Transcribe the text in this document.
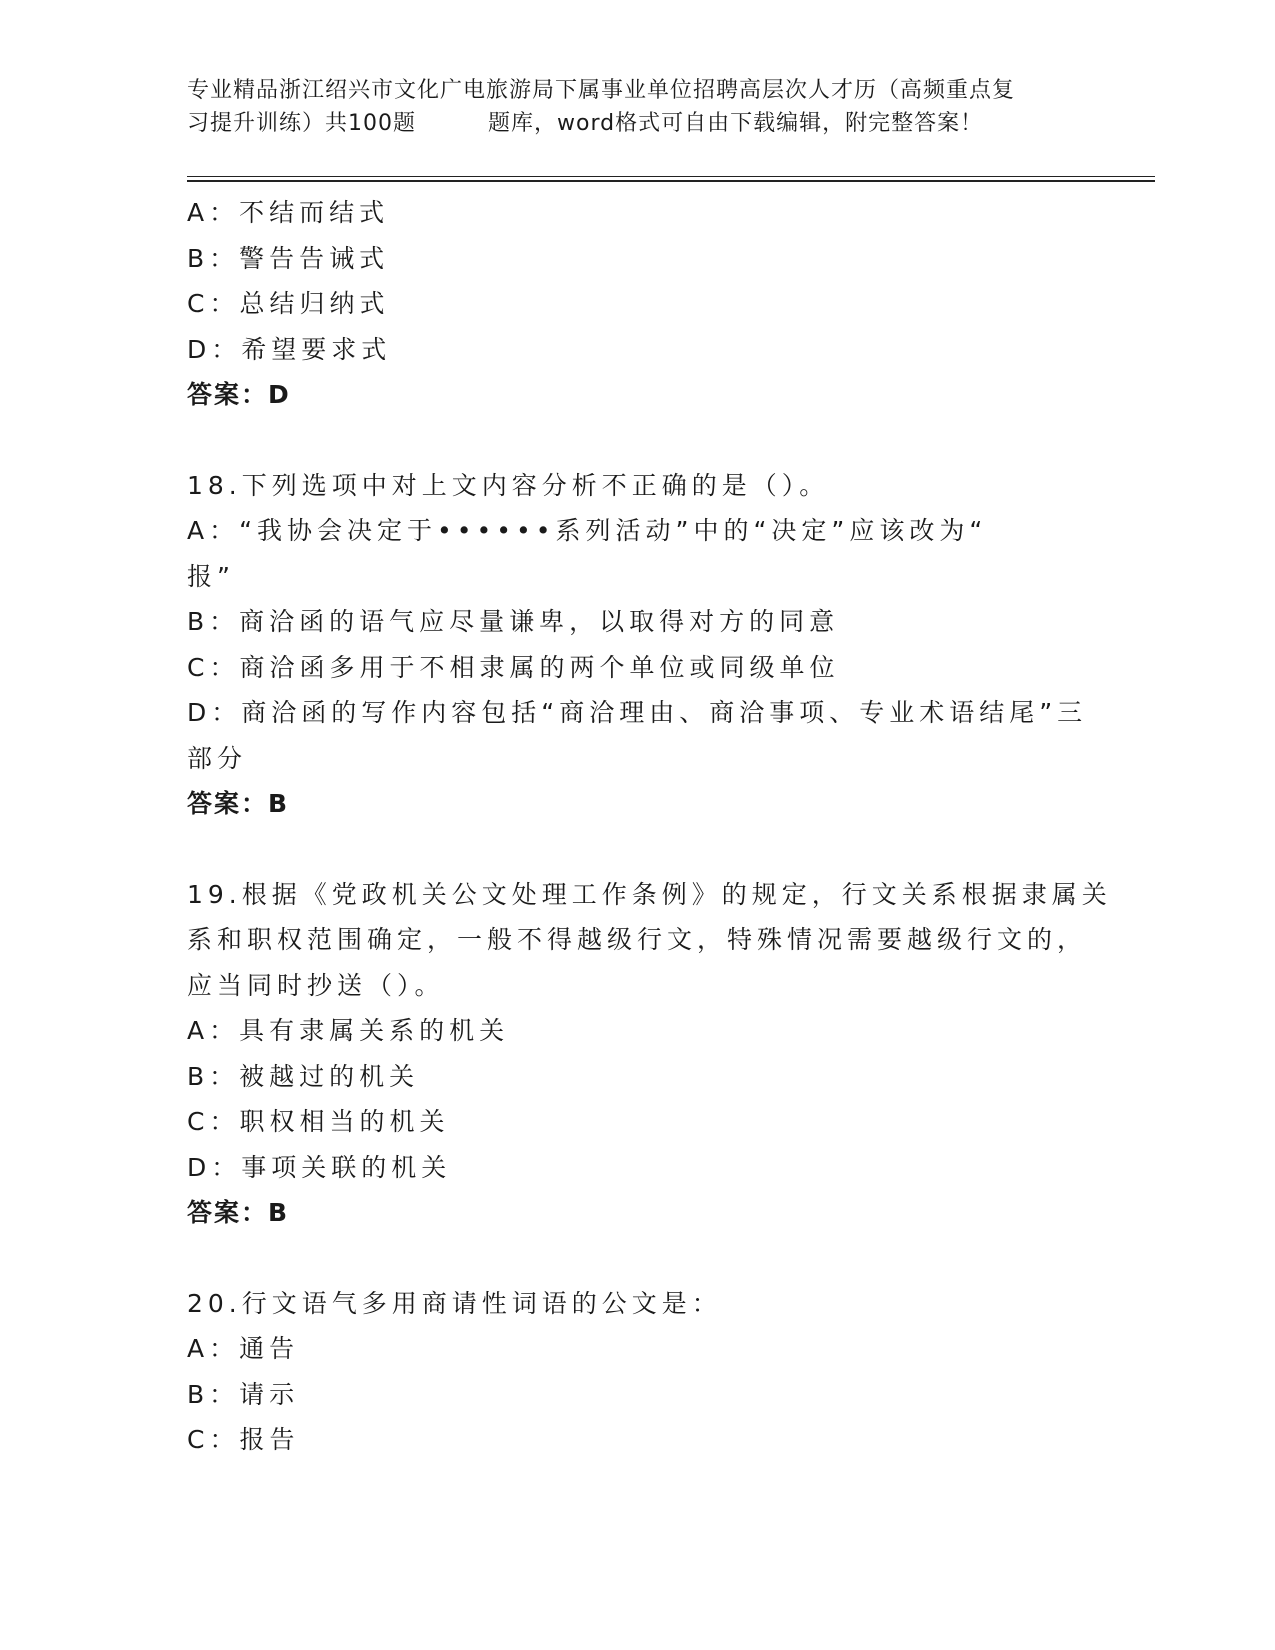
专业精品浙江绍兴市文化广电旅游局下属事业单位招聘高层次人才历（高频重点复
习提升训练）共100题	题库，word格式可自由下载编辑，附完整答案！
A：不结而结式
B：警告告诫式
C：总结归纳式
D：希望要求式
答案：D
18.下列选项中对上文内容分析不正确的是（）。
A：“我协会决定于••••••系列活动”中的“决定”应该改为“
报”
B：商洽函的语气应尽量谦卑，以取得对方的同意
C：商洽函多用于不相隶属的两个单位或同级单位
D：商洽函的写作内容包括“商洽理由、商洽事项、专业术语结尾”三
部分
答案：B
19.根据《党政机关公文处理工作条例》的规定，行文关系根据隶属关
系和职权范围确定，一般不得越级行文，特殊情况需要越级行文的，
应当同时抄送（）。
A：具有隶属关系的机关
B：被越过的机关
C：职权相当的机关
D：事项关联的机关
答案：B
20.行文语气多用商请性词语的公文是：
A：通告
B：请示
C：报告
